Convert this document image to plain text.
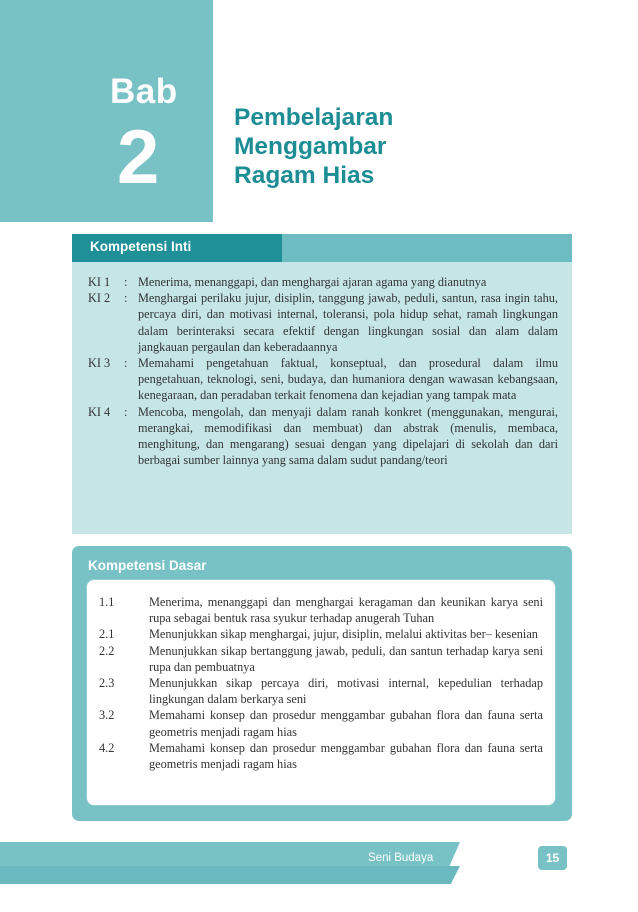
Bab
2	Pembelajaran
Menggambar
Ragam Hias
Kompetensi Inti
KI 1	: Menerima, menanggapi, dan menghargai ajaran agama yang dianutnya
KI 2	: Menghargai perilaku jujur, disiplin, tanggung jawab, peduli, santun, rasa ingin tahu, percaya diri, dan motivasi internal, toleransi, pola hidup sehat, ramah lingkungan dalam berinteraksi secara efektif dengan lingkungan sosial dan alam dalam jangkauan pergaulan dan keberadaannya
KI 3	: Memahami pengetahuan faktual, konseptual, dan prosedural dalam ilmu pengetahuan, teknologi, seni, budaya, dan humaniora dengan wawasan kebangsaan, kenegaraan, dan peradaban terkait fenomena dan kejadian yang tampak mata
KI 4	: Mencoba, mengolah, dan menyaji dalam ranah konkret (menggunakan, mengurai, merangkai, memodifikasi dan membuat) dan abstrak (menulis, membaca, menghitung, dan mengarang) sesuai dengan yang dipelajari di sekolah dan dari berbagai sumber lainnya yang sama dalam sudut pandang/teori
Kompetensi Dasar
1.1	Menerima, menanggapi dan menghargai keragaman dan keunikan karya seni rupa sebagai bentuk rasa syukur terhadap anugerah Tuhan
2.1	Menunjukkan sikap menghargai, jujur, disiplin, melalui aktivitas ber– kesenian
2.2	Menunjukkan sikap bertanggung jawab, peduli, dan santun terhadap karya seni rupa dan pembuatnya
2.3	Menunjukkan sikap percaya diri, motivasi internal, kepedulian terhadap lingkungan dalam berkarya seni
3.2	Memahami konsep dan prosedur menggambar gubahan flora dan fauna serta geometris menjadi ragam hias
4.2	Memahami konsep dan prosedur menggambar gubahan flora dan fauna serta geometris menjadi ragam hias
Seni Budaya	15
